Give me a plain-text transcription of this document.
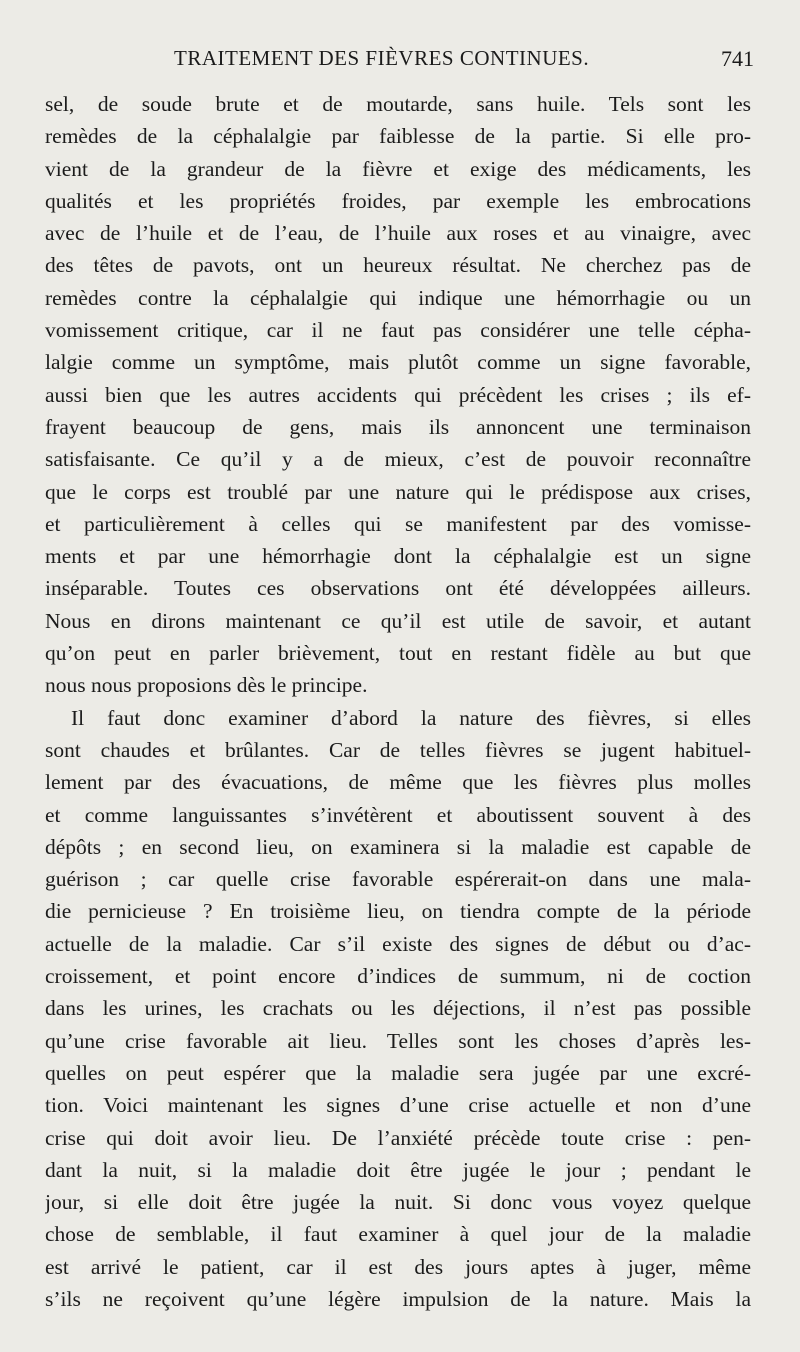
TRAITEMENT DES FIÈVRES CONTINUES.	741
sel, de soude brute et de moutarde, sans huile. Tels sont les
remèdes de la céphalalgie par faiblesse de la partie. Si elle pro-
vient de la grandeur de la fièvre et exige des médicaments, les
qualités et les propriétés froides, par exemple les embrocations
avec de l’huile et de l’eau, de l’huile aux roses et au vinaigre, avec
des têtes de pavots, ont un heureux résultat. Ne cherchez pas de
remèdes contre la céphalalgie qui indique une hémorrhagie ou un
vomissement critique, car il ne faut pas considérer une telle cépha-
lalgie comme un symptôme, mais plutôt comme un signe favorable,
aussi bien que les autres accidents qui précèdent les crises ; ils ef-
frayent beaucoup de gens, mais ils annoncent une terminaison
satisfaisante. Ce qu’il y a de mieux, c’est de pouvoir reconnaître
que le corps est troublé par une nature qui le prédispose aux crises,
et particulièrement à celles qui se manifestent par des vomisse-
ments et par une hémorrhagie dont la céphalalgie est un signe
inséparable. Toutes ces observations ont été développées ailleurs.
Nous en dirons maintenant ce qu’il est utile de savoir, et autant
qu’on peut en parler brièvement, tout en restant fidèle au but que
nous nous proposions dès le principe.
Il faut donc examiner d’abord la nature des fièvres, si elles
sont chaudes et brûlantes. Car de telles fièvres se jugent habituel-
lement par des évacuations, de même que les fièvres plus molles
et comme languissantes s’invétèrent et aboutissent souvent à des
dépôts ; en second lieu, on examinera si la maladie est capable de
guérison ; car quelle crise favorable espérerait-on dans une mala-
die pernicieuse ? En troisième lieu, on tiendra compte de la période
actuelle de la maladie. Car s’il existe des signes de début ou d’ac-
croissement, et point encore d’indices de summum, ni de coction
dans les urines, les crachats ou les déjections, il n’est pas possible
qu’une crise favorable ait lieu. Telles sont les choses d’après les-
quelles on peut espérer que la maladie sera jugée par une excré-
tion. Voici maintenant les signes d’une crise actuelle et non d’une
crise qui doit avoir lieu. De l’anxiété précède toute crise : pen-
dant la nuit, si la maladie doit être jugée le jour ; pendant le
jour, si elle doit être jugée la nuit. Si donc vous voyez quelque
chose de semblable, il faut examiner à quel jour de la maladie
est arrivé le patient, car il est des jours aptes à juger, même
s’ils ne reçoivent qu’une légère impulsion de la nature. Mais la
